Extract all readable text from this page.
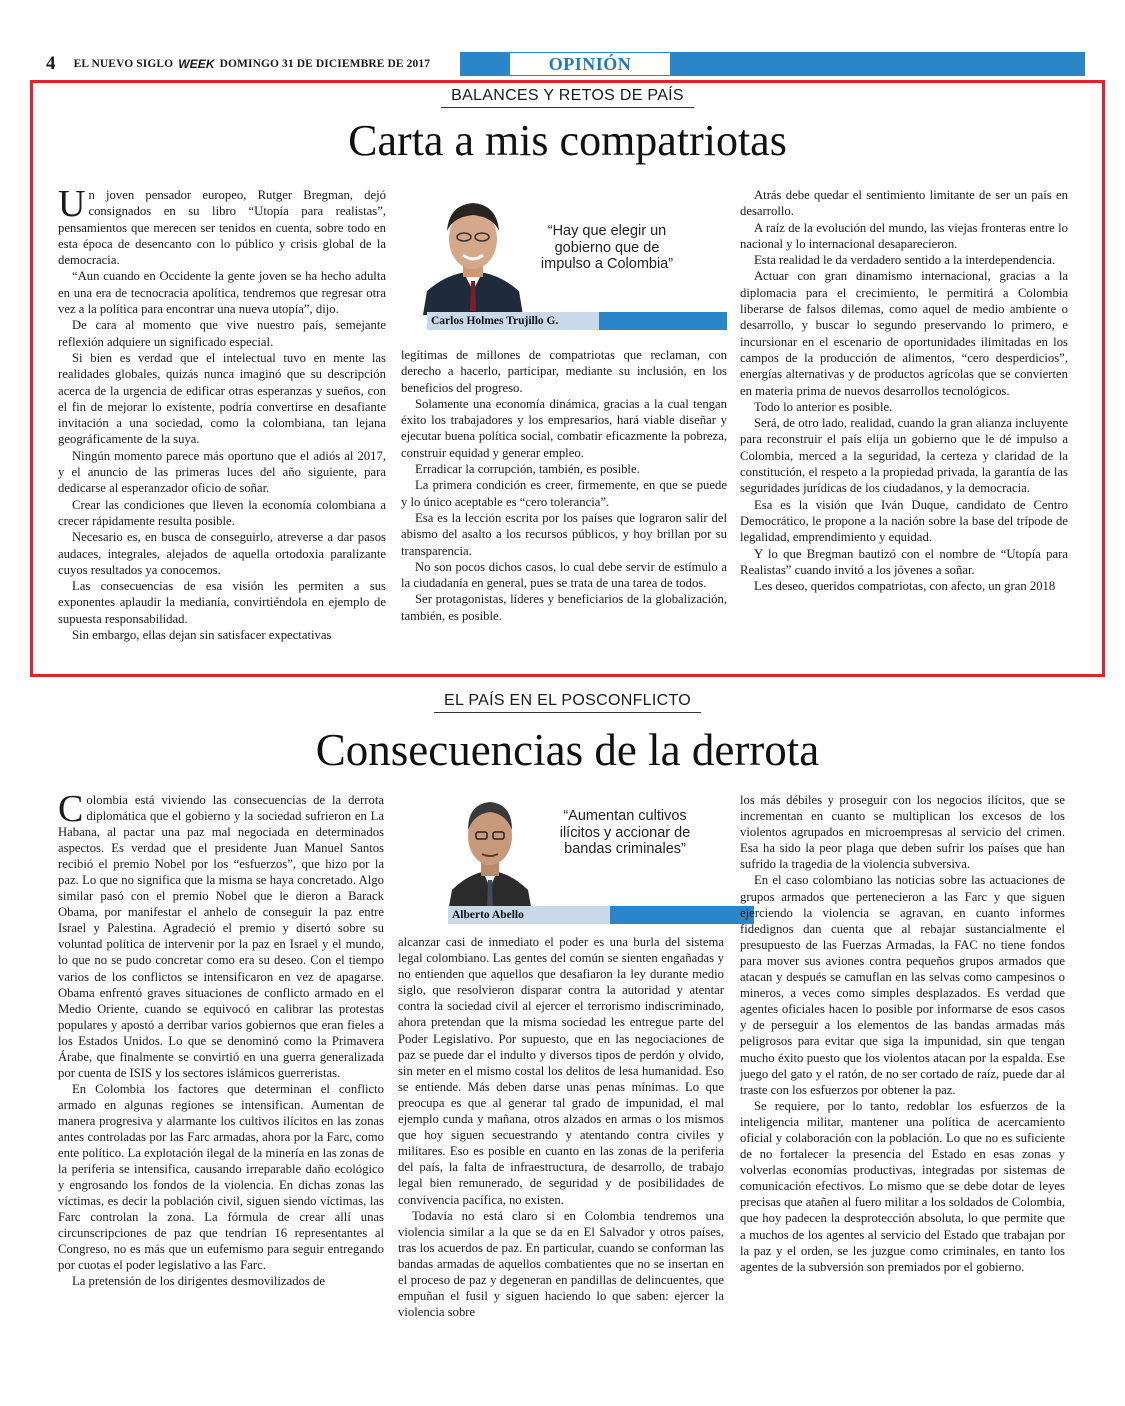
4 EL NUEVO SIGLO WEEK DOMINGO 31 DE DICIEMBRE DE 2017	OPINIÓN
BALANCES Y RETOS DE PAÍS
Carta a mis compatriotas

Un joven pensador europeo, Rutger Bregman, dejó consignados en su libro “Utopía para realistas”, pensamientos que merecen ser tenidos en cuenta, sobre todo en esta época de desencanto con lo público y crisis global de la democracia.

“Aun cuando en Occidente la gente joven se ha hecho adulta en una era de tecnocracia apolítica, tendremos que regresar otra vez a la política para encontrar una nueva utopía”, dijo.

De cara al momento que vive nuestro país, semejante reflexión adquiere un significado especial.

Si bien es verdad que el intelectual tuvo en mente las realidades globales, quizás nunca imaginó que su descripción acerca de la urgencia de edificar otras esperanzas y sueños, con el fin de mejorar lo existente, podría convertirse en desafiante invitación a una sociedad, como la colombiana, tan lejana geográficamente de la suya.

Ningún momento parece más oportuno que el adiós al 2017, y el anuncio de las primeras luces del año siguiente, para dedicarse al esperanzador oficio de soñar.

Crear las condiciones que lleven la economía colombiana a crecer rápidamente resulta posible.

Necesario es, en busca de conseguirlo, atreverse a dar pasos audaces, integrales, alejados de aquella ortodoxia paralizante cuyos resultados ya conocemos.

Las consecuencias de esa visión les permiten a sus exponentes aplaudir la medianía, convirtiéndola en ejemplo de supuesta responsabilidad.

Sin embargo, ellas dejan sin satisfacer expectativas

“Hay que elegir un gobierno que de impulso a Colombia”
Carlos Holmes Trujillo G.

legítimas de millones de compatriotas que reclaman, con derecho a hacerlo, participar, mediante su inclusión, en los beneficios del progreso.

Solamente una economía dinámica, gracias a la cual tengan éxito los trabajadores y los empresarios, hará viable diseñar y ejecutar buena política social, combatir eficazmente la pobreza, construir equidad y generar empleo.

Erradicar la corrupción, también, es posible.

La primera condición es creer, firmemente, en que se puede y lo único aceptable es “cero tolerancia”.

Esa es la lección escrita por los países que lograron salir del abismo del asalto a los recursos públicos, y hoy brillan por su transparencia.

No son pocos dichos casos, lo cual debe servir de estímulo a la ciudadanía en general, pues se trata de una tarea de todos.

Ser protagonistas, líderes y beneficiarios de la globalización, también, es posible.

Atrás debe quedar el sentimiento limitante de ser un país en desarrollo.

A raíz de la evolución del mundo, las viejas fronteras entre lo nacional y lo internacional desaparecieron.

Esta realidad le da verdadero sentido a la interdependencia.

Actuar con gran dinamismo internacional, gracias a la diplomacia para el crecimiento, le permitirá a Colombia liberarse de falsos dilemas, como aquel de medio ambiente o desarrollo, y buscar lo segundo preservando lo primero, e incursionar en el escenario de oportunidades ilimitadas en los campos de la producción de alimentos, “cero desperdicios”, energías alternativas y de productos agrícolas que se convierten en materia prima de nuevos desarrollos tecnológicos.

Todo lo anterior es posible.

Será, de otro lado, realidad, cuando la gran alianza incluyente para reconstruir el país elija un gobierno que le dé impulso a Colombia, merced a la seguridad, la certeza y claridad de la constitución, el respeto a la propiedad privada, la garantía de las seguridades jurídicas de los ciudadanos, y la democracia.

Esa es la visión que Iván Duque, candidato de Centro Democrático, le propone a la nación sobre la base del trípode de legalidad, emprendimiento y equidad.

Y lo que Bregman bautizó con el nombre de “Utopía para Realistas” cuando invitó a los jóvenes a soñar.

Les deseo, queridos compatriotas, con afecto, un gran 2018

EL PAÍS EN EL POSCONFLICTO
Consecuencias de la derrota

Colombia está viviendo las consecuencias de la derrota diplomática que el gobierno y la sociedad sufrieron en La Habana, al pactar una paz mal negociada en determinados aspectos. Es verdad que el presidente Juan Manuel Santos recibió el premio Nobel por los “esfuerzos”, que hizo por la paz. Lo que no significa que la misma se haya concretado. Algo similar pasó con el premio Nobel que le dieron a Barack Obama, por manifestar el anhelo de conseguir la paz entre Israel y Palestina. Agradeció el premio y disertó sobre su voluntad política de intervenir por la paz en Israel y el mundo, lo que no se pudo concretar como era su deseo. Con el tiempo varios de los conflictos se intensificaron en vez de apagarse. Obama enfrentó graves situaciones de conflicto armado en el Medio Oriente, cuando se equivocó en calibrar las protestas populares y apostó a derribar varios gobiernos que eran fieles a los Estados Unidos. Lo que se denominó como la Primavera Árabe, que finalmente se convirtió en una guerra generalizada por cuenta de ISIS y los sectores islámicos guerreristas.

En Colombia los factores que determinan el conflicto armado en algunas regiones se intensifican. Aumentan de manera progresiva y alarmante los cultivos ilícitos en las zonas antes controladas por las Farc armadas, ahora por la Farc, como ente político. La explotación ilegal de la minería en las zonas de la periferia se intensifica, causando irreparable daño ecológico y engrosando los fondos de la violencia. En dichas zonas las víctimas, es decir la población civil, siguen siendo víctimas, las Farc controlan la zona. La fórmula de crear allí unas circunscripciones de paz que tendrían 16 representantes al Congreso, no es más que un eufemismo para seguir entregando por cuotas el poder legislativo a las Farc.

La pretensión de los dirigentes desmovilizados de

“Aumentan cultivos ilícitos y accionar de bandas criminales”
Alberto Abello

alcanzar casi de inmediato el poder es una burla del sistema legal colombiano. Las gentes del común se sienten engañadas y no entienden que aquellos que desafiaron la ley durante medio siglo, que resolvieron disparar contra la autoridad y atentar contra la sociedad civil al ejercer el terrorismo indiscriminado, ahora pretendan que la misma sociedad les entregue parte del Poder Legislativo. Por supuesto, que en las negociaciones de paz se puede dar el indulto y diversos tipos de perdón y olvido, sin meter en el mismo costal los delitos de lesa humanidad. Eso se entiende. Más deben darse unas penas mínimas. Lo que preocupa es que al generar tal grado de impunidad, el mal ejemplo cunda y mañana, otros alzados en armas o los mismos que hoy siguen secuestrando y atentando contra civiles y militares. Eso es posible en cuanto en las zonas de la periferia del país, la falta de infraestructura, de desarrollo, de trabajo legal bien remunerado, de seguridad y de posibilidades de convivencia pacífica, no existen.

Todavía no está claro si en Colombia tendremos una violencia similar a la que se da en El Salvador y otros países, tras los acuerdos de paz. En particular, cuando se conforman las bandas armadas de aquellos combatientes que no se insertan en el proceso de paz y degeneran en pandillas de delincuentes, que empuñan el fusil y siguen haciendo lo que saben: ejercer la violencia sobre

los más débiles y proseguir con los negocios ilícitos, que se incrementan en cuanto se multiplican los excesos de los violentos agrupados en microempresas al servicio del crimen. Esa ha sido la peor plaga que deben sufrir los países que han sufrido la tragedia de la violencia subversiva.

En el caso colombiano las noticias sobre las actuaciones de grupos armados que pertenecieron a las Farc y que siguen ejerciendo la violencia se agravan, en cuanto informes fidedignos dan cuenta que al rebajar sustancialmente el presupuesto de las Fuerzas Armadas, la FAC no tiene fondos para mover sus aviones contra pequeños grupos armados que atacan y después se camuflan en las selvas como campesinos o mineros, a veces como simples desplazados. Es verdad que agentes oficiales hacen lo posible por informarse de esos casos y de perseguir a los elementos de las bandas armadas más peligrosos para evitar que siga la impunidad, sin que tengan mucho éxito puesto que los violentos atacan por la espalda. Ese juego del gato y el ratón, de no ser cortado de raíz, puede dar al traste con los esfuerzos por obtener la paz.

Se requiere, por lo tanto, redoblar los esfuerzos de la inteligencia militar, mantener una política de acercamiento oficial y colaboración con la población. Lo que no es suficiente de no fortalecer la presencia del Estado en esas zonas y volverlas economías productivas, integradas por sistemas de comunicación efectivos. Lo mismo que se debe dotar de leyes precisas que atañen al fuero militar a los soldados de Colombia, que hoy padecen la desprotección absoluta, lo que permite que a muchos de los agentes al servicio del Estado que trabajan por la paz y el orden, se les juzgue como criminales, en tanto los agentes de la subversión son premiados por el gobierno.
